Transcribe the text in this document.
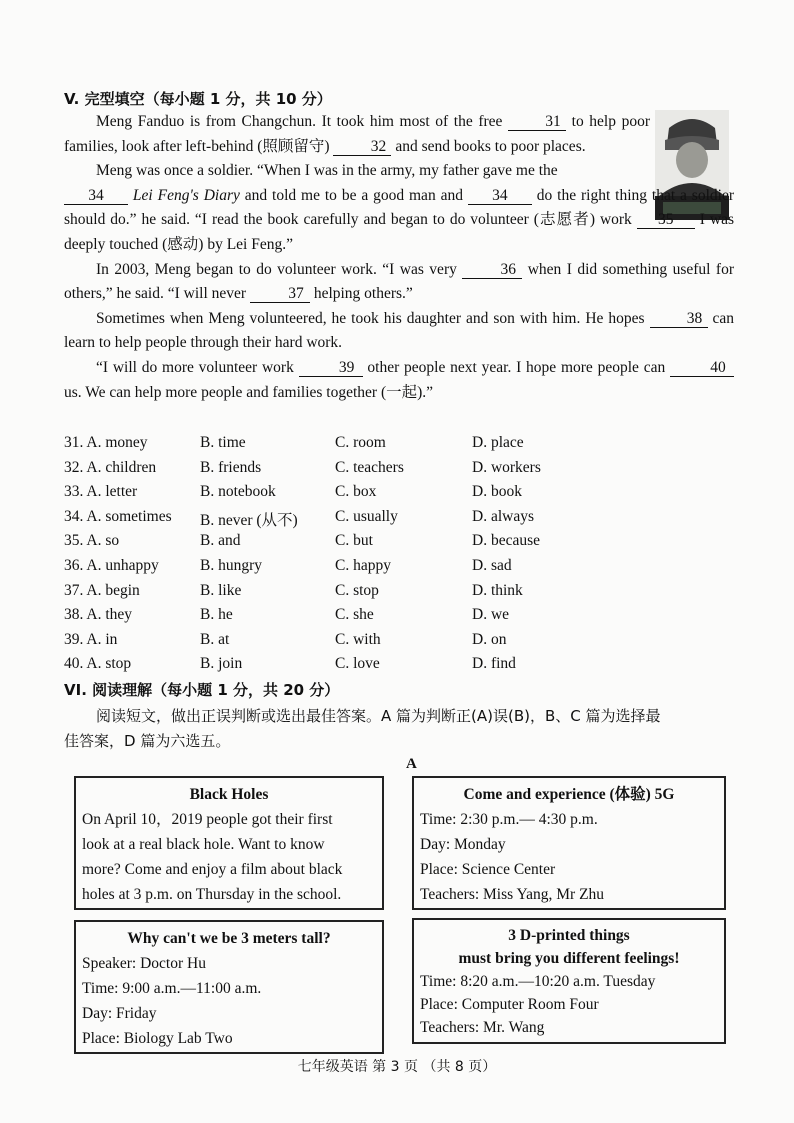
V. 完型填空（每小题 1 分，共 10 分）

Meng Fanduo is from Changchun. It took him most of the free 31 to help poor families, look after left-behind (照顾留守) 32 and send books to poor places.

Meng was once a soldier. “When I was in the army, my father gave me the

34 Lei Feng's Diary and told me to be a good man and 34 do the right thing that a soldier should do.” he said. “I read the book carefully and began to do volunteer (志愿者) work 35 I was deeply touched (感动) by Lei Feng.”

In 2003, Meng began to do volunteer work. “I was very 36 when I did something useful for others,” he said. “I will never 37 helping others.”

Sometimes when Meng volunteered, he took his daughter and son with him. He hopes 38 can learn to help people through their hard work.

“I will do more volunteer work	39 other people next year. I hope more people can	40 us. We can help more people and families together (一起).”

31. A. money	B. time	C. room	D. place
32. A. children	B. friends	C. teachers	D. workers
33. A. letter	B. notebook	C. box	D. book
34. A. sometimes B. never (从不) C. usually	D. always
35. A. so	B. and	C. but	D. because
36. A. unhappy	B. hungry	C. happy	D. sad
37. A. begin	B. like	C. stop	D. think
38. A. they	B. he	C. she	D. we
39. A. in	B. at	C. with	D. on
40. A. stop	B. join	C. love	D. find
VI. 阅读理解（每小题 1 分，共 20 分）
阅读短文，做出正误判断或选出最佳答案。A 篇为判断正(A)误(B)，B、C 篇为选择最
佳答案，D 篇为六选五。
A
Black Holes
On April 10，2019 people got their first
look at a real black hole. Want to know
more? Come and enjoy a film about black
holes at 3 p.m. on Thursday in the school.
Come and experience (体验) 5G
Time: 2:30 p.m.— 4:30 p.m.
Day: Monday
Place: Science Center
Teachers: Miss Yang, Mr Zhu
Why can't we be 3 meters tall?
Speaker: Doctor Hu
Time: 9:00 a.m.—11:00 a.m.
Day: Friday
Place: Biology Lab Two
3 D-printed things
must bring you different feelings!
Time: 8:20 a.m.—10:20 a.m. Tuesday
Place: Computer Room Four
Teachers: Mr. Wang
七年级英语 第 3 页 （共 8 页）
